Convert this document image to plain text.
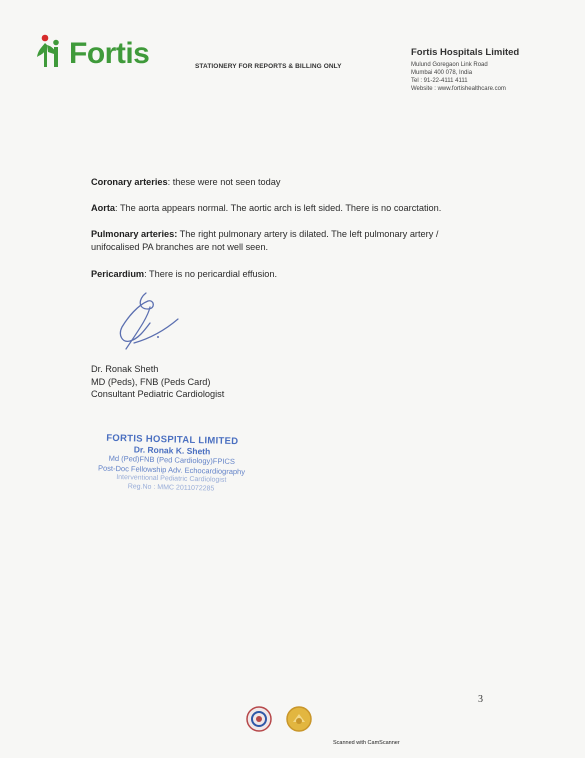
Fortis	STATIONERY FOR REPORTS & BILLING ONLY
Fortis Hospitals Limited
Mulund Goregaon Link Road
Mumbai 400 078, India
Tel : 91-22-4111 4111
Website : www.fortishealthcare.com

Coronary arteries: these were not seen today

Aorta: The aorta appears normal. The aortic arch is left sided. There is no coarctation.

Pulmonary arteries: The right pulmonary artery is dilated. The left pulmonary artery /
unifocalised PA branches are not well seen.

Pericardium: There is no pericardial effusion.

Dr. Ronak Sheth
MD (Peds), FNB (Peds Card)
Consultant Pediatric Cardiologist
FORTIS HOSPITAL LIMITED
Dr. Ronak K. Sheth
Md (Ped)FNB (Ped Cardiology)FPICS
Post-Doc Fellowship Adv. Echocardiography
Interventional Pediatric Cardiologist
Reg.No : MMC 2011072285
3
Scanned with CamScanner
